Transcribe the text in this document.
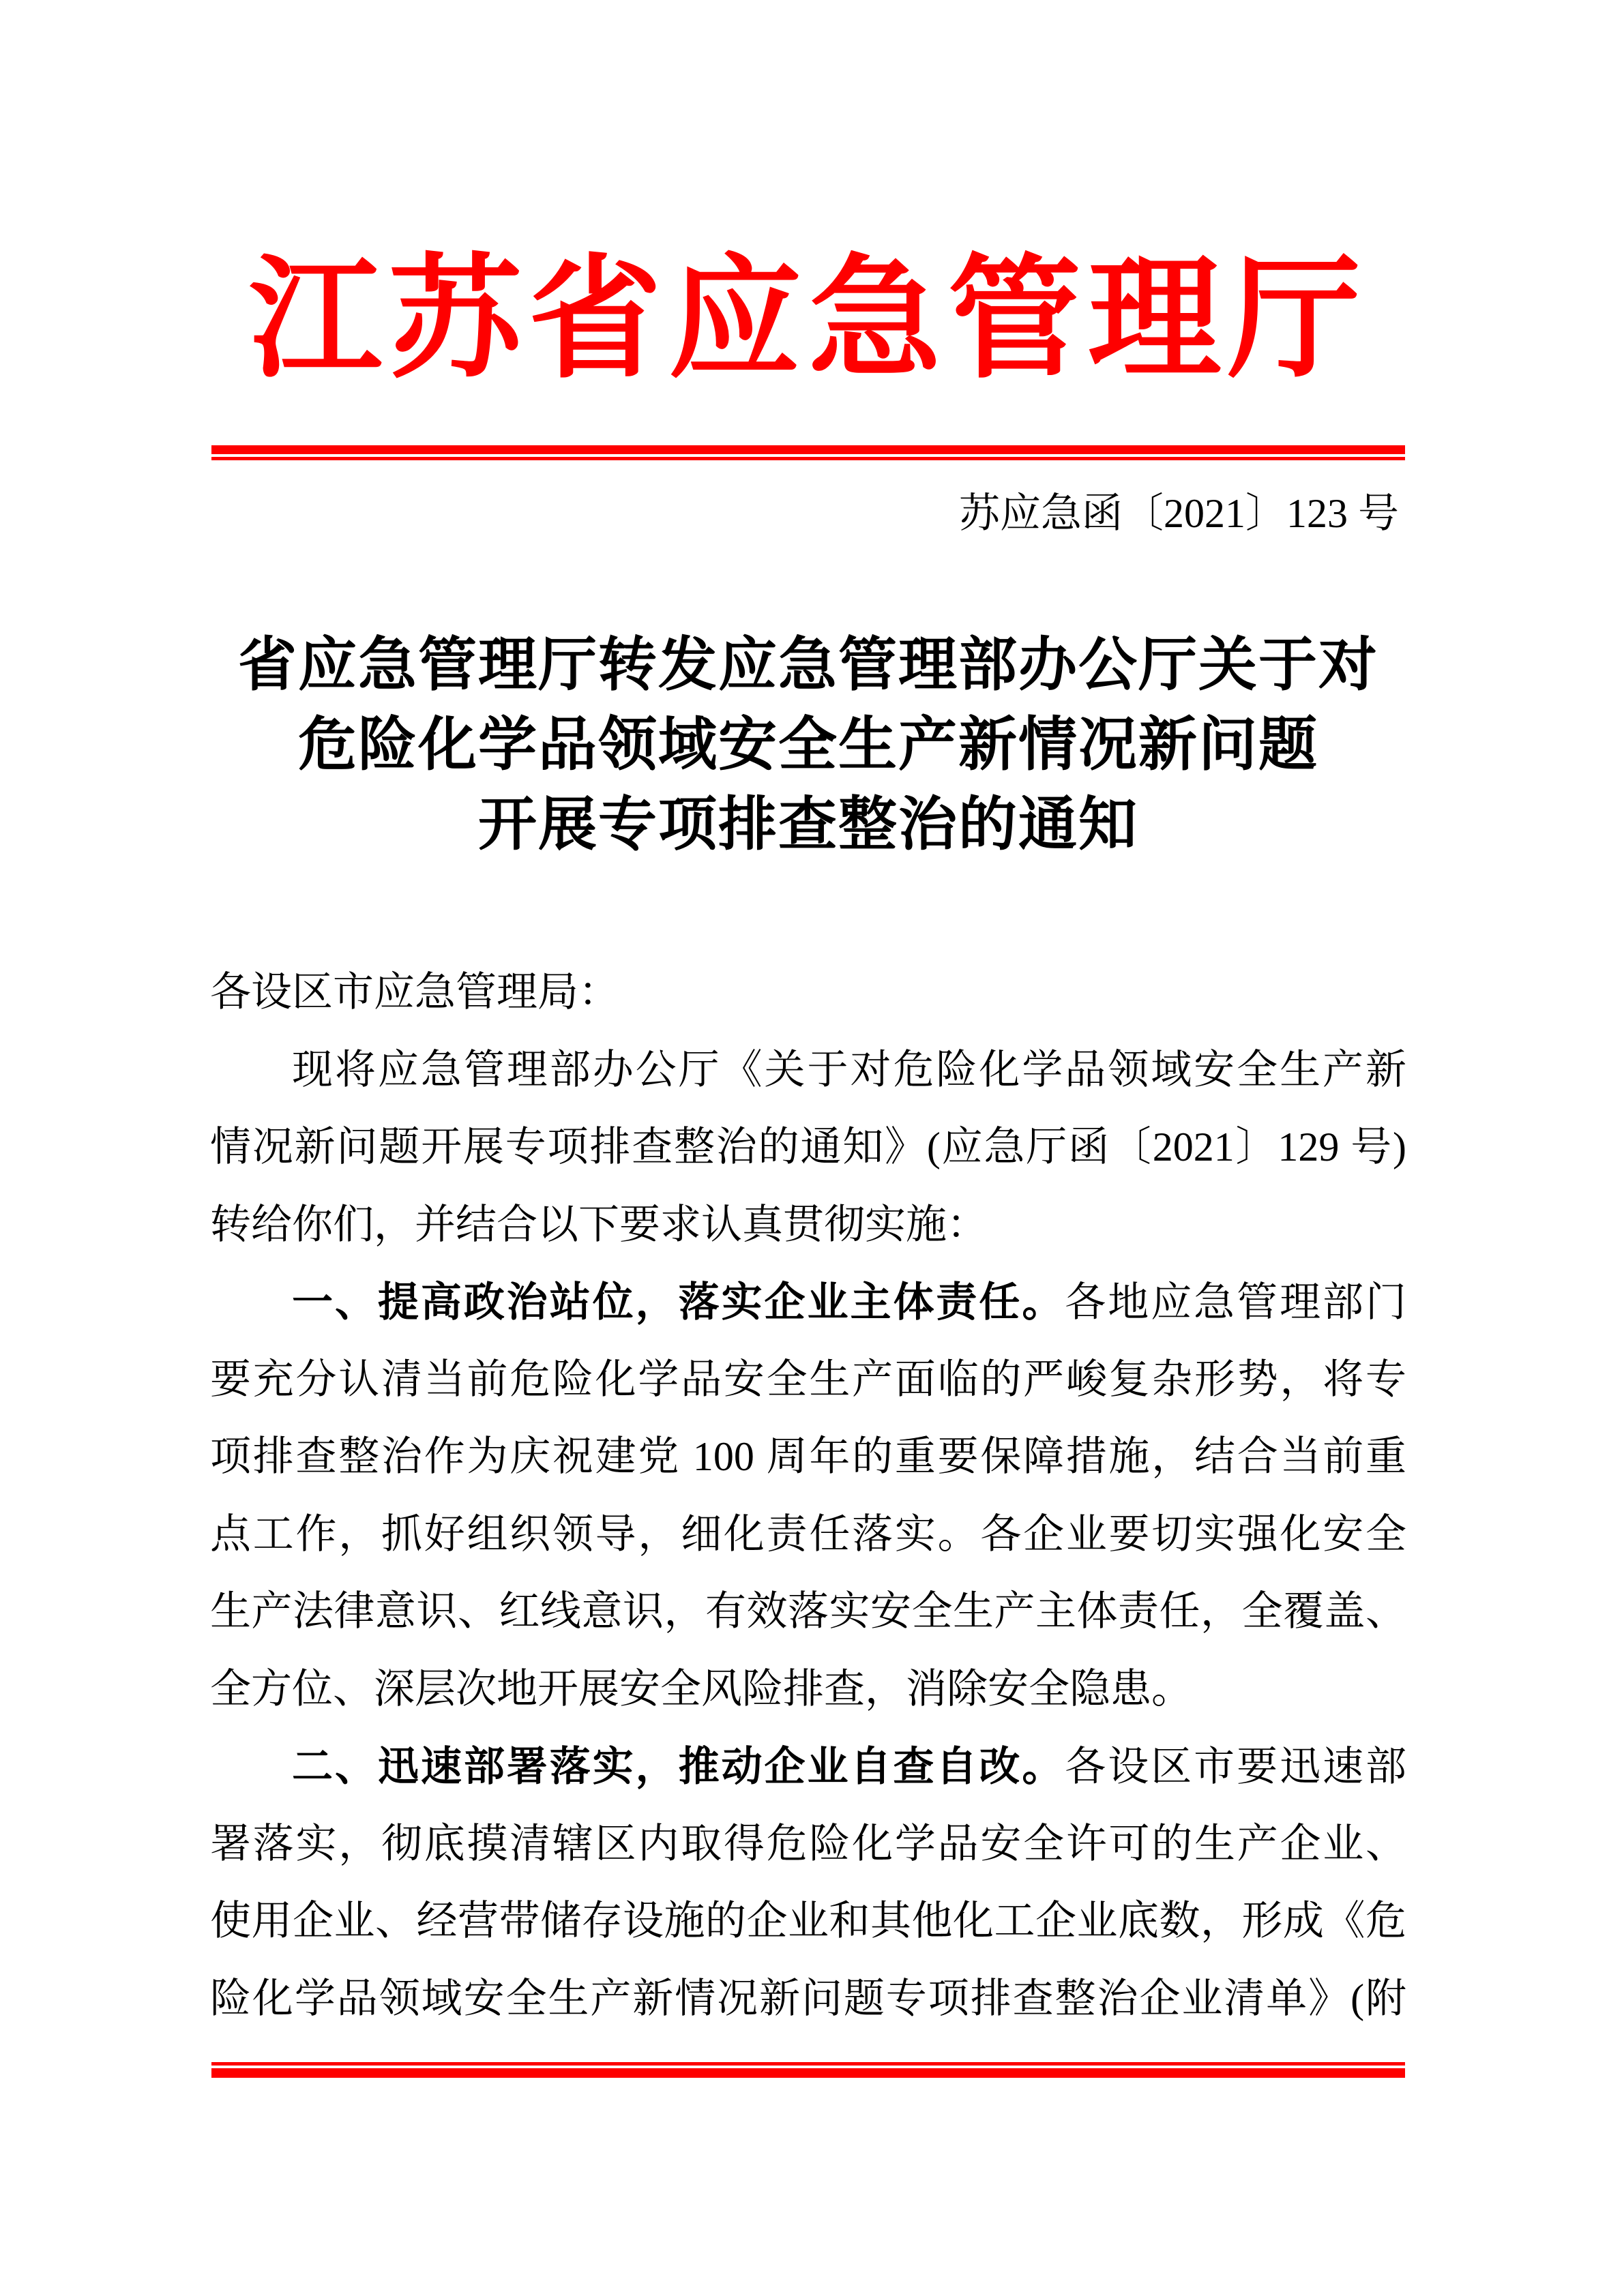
江苏省应急管理厅
苏应急函〔2021〕123 号
省应急管理厅转发应急管理部办公厅关于对
危险化学品领域安全生产新情况新问题
开展专项排查整治的通知
各设区市应急管理局：
现将应急管理部办公厅《关于对危险化学品领域安全生产新
情况新问题开展专项排查整治的通知》(应急厅函〔2021〕129 号)
转给你们，并结合以下要求认真贯彻实施：
一、提高政治站位，落实企业主体责任。各地应急管理部门
要充分认清当前危险化学品安全生产面临的严峻复杂形势，将专
项排查整治作为庆祝建党 100 周年的重要保障措施，结合当前重
点工作，抓好组织领导，细化责任落实。各企业要切实强化安全
生产法律意识、红线意识，有效落实安全生产主体责任，全覆盖、
全方位、深层次地开展安全风险排查，消除安全隐患。
二、迅速部署落实，推动企业自查自改。各设区市要迅速部
署落实，彻底摸清辖区内取得危险化学品安全许可的生产企业、
使用企业、经营带储存设施的企业和其他化工企业底数，形成《危
险化学品领域安全生产新情况新问题专项排查整治企业清单》(附
